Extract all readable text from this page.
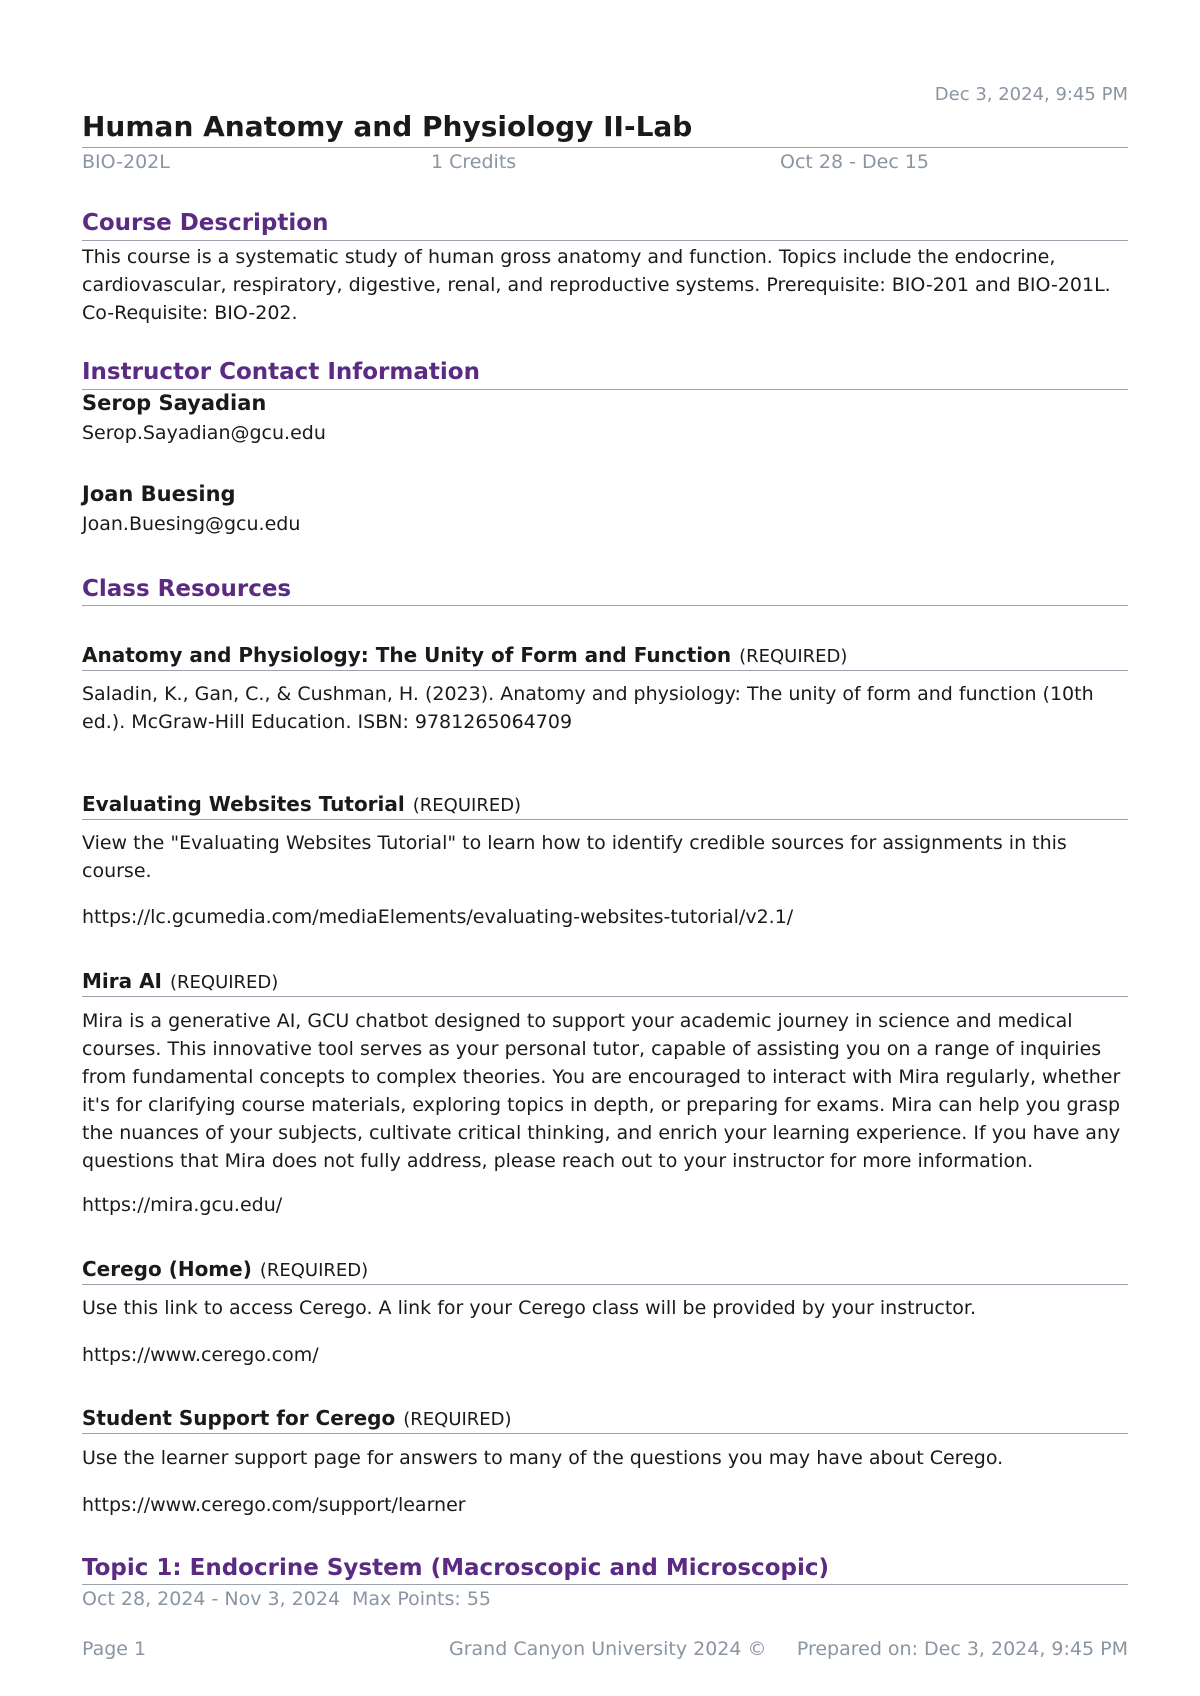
Dec 3, 2024, 9:45 PM
Human Anatomy and Physiology II-Lab
BIO-202L	1 Credits	Oct 28 - Dec 15
Course Description
This course is a systematic study of human gross anatomy and function. Topics include the endocrine, cardiovascular, respiratory, digestive, renal, and reproductive systems. Prerequisite: BIO-201 and BIO-201L. Co-Requisite: BIO-202.
Instructor Contact Information
Serop Sayadian
Serop.Sayadian@gcu.edu
Joan Buesing
Joan.Buesing@gcu.edu
Class Resources
Anatomy and Physiology: The Unity of Form and Function (REQUIRED)
Saladin, K., Gan, C., & Cushman, H. (2023). Anatomy and physiology: The unity of form and function (10th ed.). McGraw-Hill Education. ISBN: 9781265064709
Evaluating Websites Tutorial (REQUIRED)
View the "Evaluating Websites Tutorial" to learn how to identify credible sources for assignments in this course.
https://lc.gcumedia.com/mediaElements/evaluating-websites-tutorial/v2.1/
Mira AI (REQUIRED)
Mira is a generative AI, GCU chatbot designed to support your academic journey in science and medical courses. This innovative tool serves as your personal tutor, capable of assisting you on a range of inquiries from fundamental concepts to complex theories. You are encouraged to interact with Mira regularly, whether it's for clarifying course materials, exploring topics in depth, or preparing for exams. Mira can help you grasp the nuances of your subjects, cultivate critical thinking, and enrich your learning experience. If you have any questions that Mira does not fully address, please reach out to your instructor for more information.
https://mira.gcu.edu/
Cerego (Home) (REQUIRED)
Use this link to access Cerego. A link for your Cerego class will be provided by your instructor.
https://www.cerego.com/
Student Support for Cerego (REQUIRED)
Use the learner support page for answers to many of the questions you may have about Cerego.
https://www.cerego.com/support/learner
Topic 1: Endocrine System (Macroscopic and Microscopic)
Oct 28, 2024 - Nov 3, 2024 Max Points: 55
Page 1	Grand Canyon University 2024 © Prepared on: Dec 3, 2024, 9:45 PM
